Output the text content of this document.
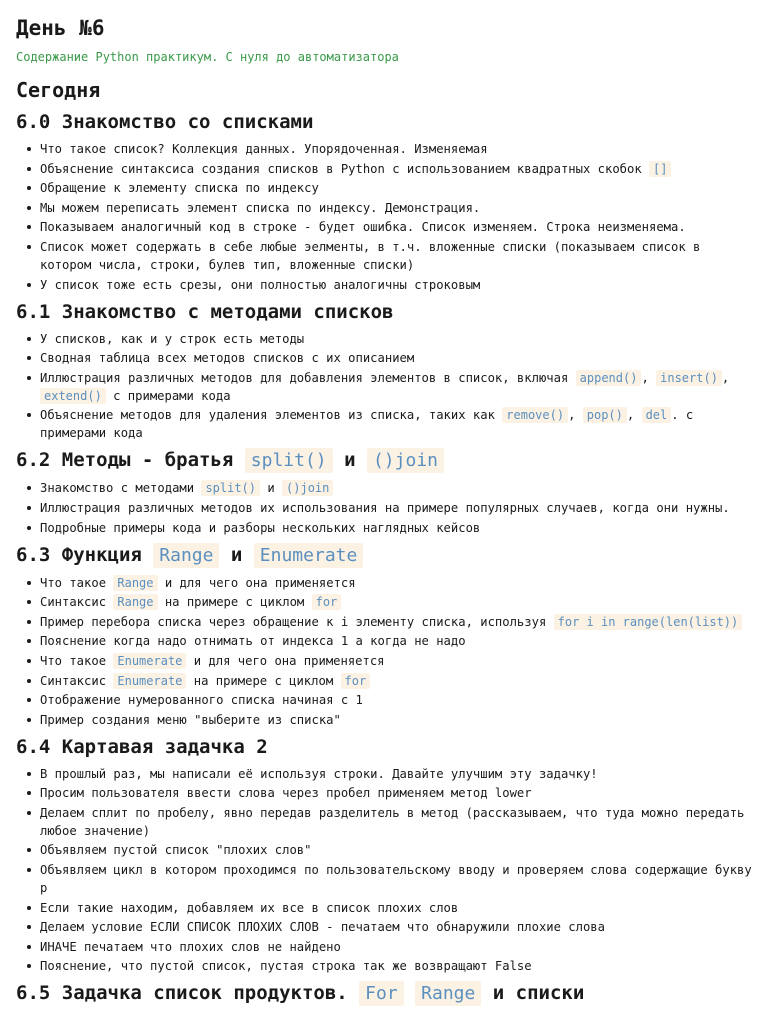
День №6
Содержание Python практикум. С нуля до автоматизатора
Сегодня
6.0 Знакомство со списками
Что такое список? Коллекция данных. Упорядоченная. Изменяемая
Объяснение синтаксиса создания списков в Python с использованием квадратных скобок []
Обращение к элементу списка по индексу
Мы можем переписать элемент списка по индексу. Демонстрация.
Показываем аналогичный код в строке - будет ошибка. Список изменяем. Строка неизменяема.
Список может содержать в себе любые эелменты, в т.ч. вложенные списки (показываем список в котором числа, строки, булев тип, вложенные списки)
У список тоже есть срезы, они полностью аналогичны строковым
6.1 Знакомство с методами списков
У списков, как и у строк есть методы
Сводная таблица всех методов списков с их описанием
Иллюстрация различных методов для добавления элементов в список, включая append() , insert() , extend() с примерами кода
Объяснение методов для удаления элементов из списка, таких как remove() , pop() , del . с примерами кода
6.2 Методы - братья split() и ()join
Знакомство с методами split() и ()join
Иллюстрация различных методов их использования на примере популярных случаев, когда они нужны.
Подробные примеры кода и разборы нескольких наглядных кейсов
6.3 Функция Range и Enumerate
Что такое Range и для чего она применяется
Синтаксис Range на примере с циклом for
Пример перебора списка через обращение к i элементу списка, используя for i in range(len(list))
Пояснение когда надо отнимать от индекса 1 а когда не надо
Что такое Enumerate и для чего она применяется
Синтаксис Enumerate на примере с циклом for
Отображение нумерованного списка начиная с 1
Пример создания меню "выберите из списка"
6.4 Картавая задачка 2
В прошлый раз, мы написали её используя строки. Давайте улучшим эту задачку!
Просим пользователя ввести слова через пробел применяем метод lower
Делаем сплит по пробелу, явно передав разделитель в метод (рассказываем, что туда можно передать любое значение)
Объявляем пустой список "плохих слов"
Объявляем цикл в котором проходимся по пользовательскому вводу и проверяем слова содержащие букву р
Если такие находим, добавляем их все в список плохих слов
Делаем условие ЕСЛИ СПИСОК ПЛОХИХ СЛОВ - печатаем что обнаружили плохие слова
ИНАЧЕ печатаем что плохих слов не найдено
Пояснение, что пустой список, пустая строка так же возвращают False
6.5 Задачка список продуктов. For Range и списки
